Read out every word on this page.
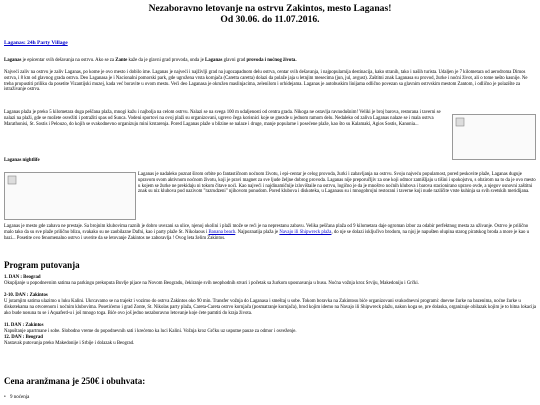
Nezaboravno letovanje na ostrvu Zakintos, mesto Laganas!
Od 30.06. do 11.07.2016.
Laganas: 24h Party Village

Laganas je epicentar svih dešavanja na ostrvu. Ako se za Zante kaže da je glavni grad provoda, onda je Laganas glavni grad provoda i noćnog života.

Najveći zaliv na ostrvu je zaliv Laganas, po kome je ovo mesto i dobilo ime. Laganas je najveći i najživlji grad na jugozapadnom delu ostrva, centar svih dešavanja, i najpopularnija destinacija, kako stranih, tako i naših turista. Udaljen je 7 kilometara od aerodroma Dimos ostrva, i 8 km od glavnog grada ostrva. Deo Laganasa je i Nacionalni pomorski park, gde ugrožena vrsta kornjača (Caretta caretta) dolazi da polaže jaja u letnjim mesecima (jun, jul, avgust). Zaštitni znak Laganasa su provod, žurke i noćni život, ali o tome nešto kasnije. Ne treba propustiti priliku da posetite Vizantijski muzej, kada već boravite u ovom mestu. Veći deo Laganasa je okružen maslinjacima, zelenilom i orhidejama. Laganas je autobuskim linijama odlično povezan sa glavnim ostrvskim mestom Zantom, i odlično je polazište za istraživanje ostrva.

Laganas plaža je preko 5 kilometara duga peščana plaža, mnogi kažu i najbolja na celom ostrvu. Nalazi se na svega 100 m udaljenosti od centra grada. Nikoga ne ostavlja ravnodušnim! Veliki je broj barova, restorana i taverni se nalazi na plaži, gde se možete osvežiti i potražiti spas od Sunca. Vodeni sportovi na ovoj plaži su organizovani, ugrevo čega korisnici koje se gnezde u jednom ramom delu. Nedaleko od zaliva Laganas nalaze se i mala ostrva Marathonisi, St. Sostis i Pelouzo, do kojih se svakodnevno organizuju mini krstarenja. Pored Laganas plaže u blizine se nalaze i druge, manje popularne i posećene plaže, kao što su Kalamaki, Agios Sostis, Kanonia...

Laganas nightlife

Laganas je nadaleko poznat širom orbite po fantastičnom noćnom životu, i epi-centar je celog provoda, žurki i zabavljanja na ostrvu. Svoju najveću popularnost, pored peskovite plaže, Laganas duguje upravom svom aktivnom noćnom životu, koji je pravi magnet za sve ljude željne dobrog provoda. Laganas nije preporučljiv za one koji odmor zamišljaju u tišini i spokojstvu, s obzirom na to da je ovo mesto u kojem se žurke ne prekidaju ni tokom čitave noći. Kao najveći i najdinamičnije izlovištaile na ostrvu, logično je da je mnoštvo noćnih klubova i barova stacionirano upravo ovde, a njegov osnovni zaštitni znak su niz klubova pod nazivom "razrudzeni" njihovom ponudom. Pored klubova i diskoteka, u Laganasu su i mnogobrojni restorani i taverne koji nude različite vrste kuhinja sa svih svetskih meridijana.

Laganas je mesto gde zabava ne prestaje. Sa brojnim klubovima raznih je dobro uvezani sa ulice, njenoj okolini i plaži može se reći je na neprestanu zabavu. Velika peščana plaža od 9 kilometara daje ogroman izbor za odabir perfektnog mesta za uživanje. Ostrvo je prilično malo tako da su sve plaže prilično blizu, svakako su ne zaobilazne Dafni, kao i party plaže St. Nikolaous i Banana beach. Najpoznatija plaža je Navajo ili Shipwreck plaža, do nje se dolazi isključivo brodom, na njoj je napušten olupina starog piratskog broda a more je kao u bazi... Posetite ovo fenomenalno ostrvo i uverite da se letovanje Zakintos ne zaboravlja ! Ovog leta želim Zakintos.

Program putovanja

1. DAN : Beograd

Okupljanje u popodnevnim satima na parkingu prekoputa Buvlje pijace na Novom Beogradu, čekiranje svih neophodnih stvari i početak sa žurkom uposnavanja u busu. Noćna vožnja kroz Srviju, Makedoniju i Grčki.

2-10. DAN : Zakintos

U jutarnjim satima ulazimo u luku Kalini. Ukrcavamo se na trajekt i vozimo do ostrva Zakintos oko 90 min. Transfer vožnja do Laganasa i smeštaj u sobe. Tokom boravka na Zakintosu biće organizovani svakodnevni programi: dnevne žurke na bazenima, noćne žurke u diskotekama na otvorenom i noćnim klubovima. Posetićemo i grad Zonte, St. Nikolas party plaža, Careta-Careta ostrvo kornjača (posmatranje kornjača), brod kojim idemo na Navajo ili Shipwreck plažu, nakon koga se, pre dolaska, organizuje obilazak kojim je to hitna lokacija ako bude nosuna tu se i Aquaferd-u i još mnogo toga. Biće ovo još jedno nezaboravno letovanje koje ćete pamtiti do kraja života.

11. DAN : Zakintos

Napuštanje apartmane i sobe. Slobodno vreme do popodnevnih sati i krećemo ka luci Kalini. Vožnja kroz Grčku uz usputne pauze za odmor i osveženje.

12. DAN : Beograd

Nastavak putovanja preko Makedonije i Srbije i dolazak u Beograd.

Cena aranžmana je 250€ i obuhvata:
• 9 noćenja
